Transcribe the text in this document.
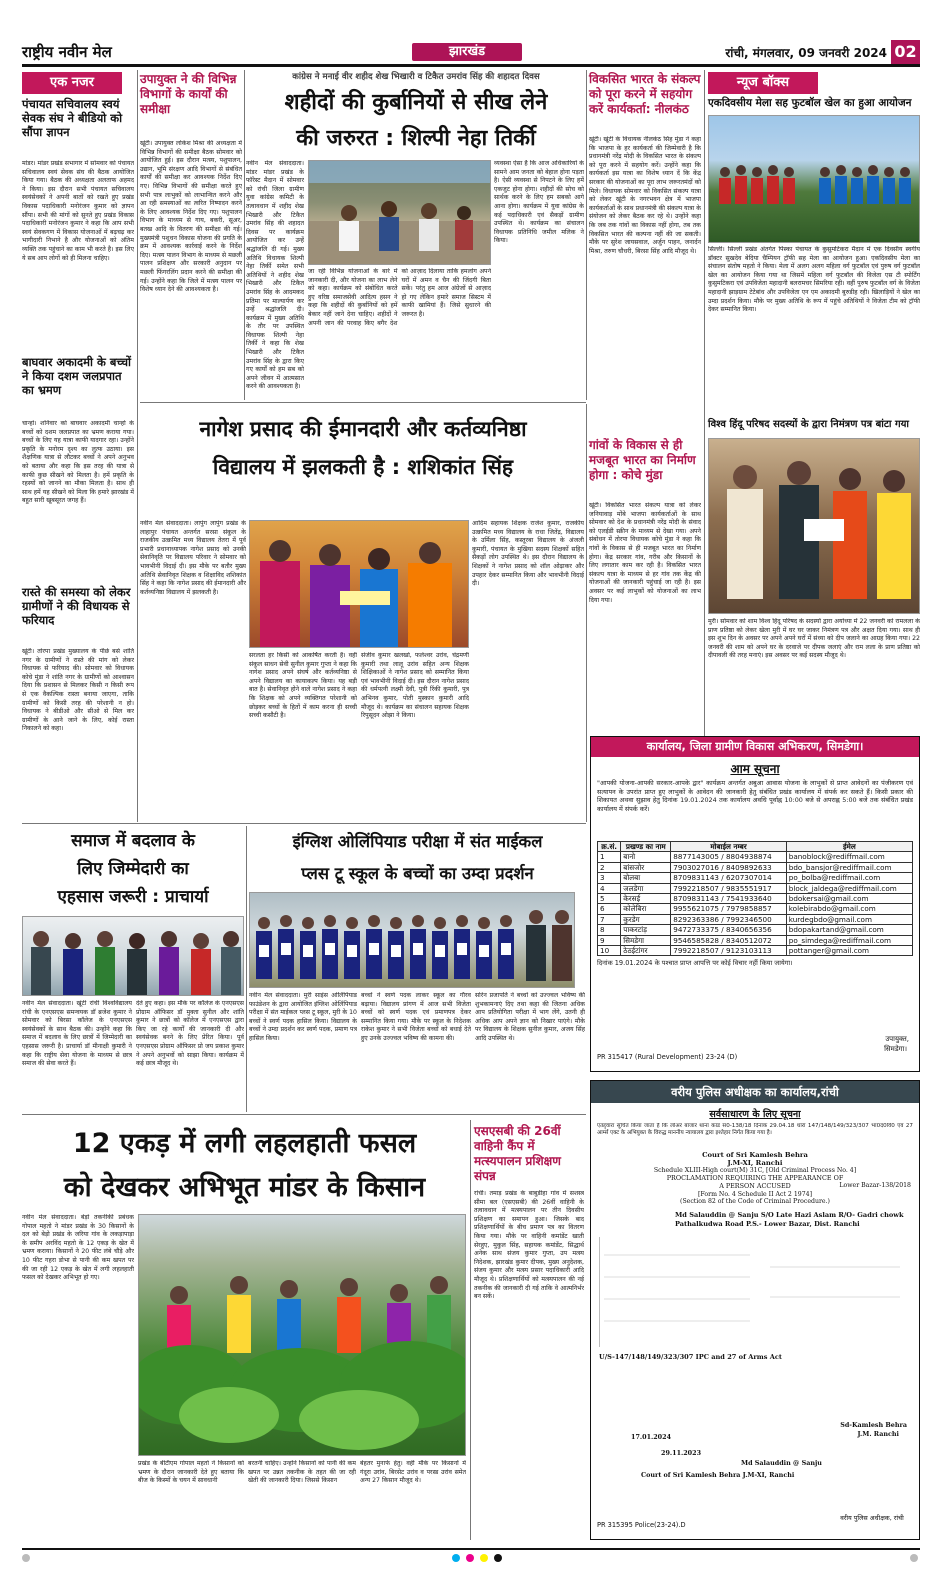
राष्ट्रीय नवीन मेल	झारखंड	रांची, मंगलवार, 09 जनवरी 2024 02
एक नजर
पंचायत सचिवालय स्वयं सेवक संघ ने बीडियो को सौंपा ज्ञापन
मांडर। मांडर प्रखंड सभागार में सोमवार को पंचायत सचिवालय स्वयं सेवक संघ की बैठक आयोजित किया गया। बैठक की अध्यक्षता अलताफ अहमद ने किया। इस दौरान सभी पंचायत सचिवालय स्वयंसेवकों ने अपनी बातों को रखते हुए प्रखंड विकास पदाधिकारी मनोरंजन कुमार को ज्ञापन सौंपा। सभी की मांगों को सुनते हुए प्रखंड विकास पदाधिकारी मनोरंजन कुमार ने कहा कि आप सभी स्वयं सेवकगण में विकास योजनाओं में बढ़चढ़ कर भागीदारी निभाने है और योजनाओं को अंतिम व्यक्ति तक पहुंचाने का काम भी करते है। इस लिए ये सब आप लोगों को ही मिलना चाहिए।
बाघवार अकादमी के बच्चों ने किया दशम जलप्रपात का भ्रमण
चान्हो। शनिवार को बाघवार अकादमी चान्हो के बच्चों को दशम जलप्रपात का भ्रमण कराया गया। बच्चों के लिए यह यात्रा काफी यादगार रहा। उन्होंने प्रकृति के मनोरम दृश्य का लुत्फ उठाया। इस शैक्षणिक यात्रा से लौटकर बच्चों ने अपने अनुभव को बताया और कहा कि इस तरह की यात्रा से काफी कुछ सीखने को मिलता है। हमें प्रकृति के रहस्यों को जानने का मौका मिलता है। साथ ही साथ हमें यह सीखने को मिला कि हमारे झारखंड में बहुत सारी खूबसूरत जगह हैं।
रास्ते की समस्या को लेकर ग्रामीणों ने की विधायक से फरियाद
खूंटी। तोरपा प्रखंड मुख्यालय के पीछे बसे शांति नगर के ग्रामीणों ने रास्ते की मांग को लेकर विधायक से फरियाद की। सोमवार को विधायक कोचे मुंडा ने शांति नगर के ग्रामीणों को आश्वासन दिया कि प्रशासन से मिलकर किसी न किसी रूप से एक वैकल्पिक रास्ता बनाया जाएगा, ताकि ग्रामीणों को किसी तरह की परेशानी न हो। विधायक ने बीडीओ और सीओ से मिल कर ग्रामीणों के आने जाने के लिए, कोई रास्ता निकालने को कहा।
उपायुक्त ने की विभिन्न विभागों के कार्यों की समीक्षा
खूंटी। उपायुक्त लोकेश मिश्रा की अध्यक्षता में विभिन्न विभागों की समीक्षा बैठक सोमवार को आयोजित हुई। इस दौरान मत्स्य, पशुपालन, उद्यान, भूमि संरक्षण आदि विभागों से संबंधित कार्यों की समीक्षा कर आवश्यक निर्देश दिए गए। विभिन्न विभागों की समीक्षा करते हुए सभी पात्र लाभुकों को लाभान्वित करने और आ रही समस्याओं का त्वरित निष्पादन करने के लिए आवश्यक निर्देश दिए गए। पशुपालन विभाग के माध्यम से गाय, बकरी, सूअर, बतख आदि के वितरण की समीक्षा की गई। मुख्यमंत्री पशुधन विकास योजना की प्रगति के क्रम में आवश्यक कार्रवाई करने के निर्देश दिए। मत्स्य पालन विभाग के माध्यम से मछली पालन प्रशिक्षण और सरकारी अनुदान पर मछली फिंगरलिंग प्रदान करने की समीक्षा की गई। उन्होंने कहा कि जिले में मत्स्य पालन पर विशेष ध्यान देने की आवश्यकता है।
कांग्रेस ने मनाई वीर शहीद शेख भिखारी व टिकैत उमरांव सिंह की शहादत दिवस
शहीदों की कुर्बानियों से सीख लेने
की जरुरत : शिल्पी नेहा तिर्की
नवीन मेल संवाददाता। मांडर मांडर प्रखंड के फॉरेस्ट मैदान में सोमवार को रांची जिला ग्रामीण युवा कांग्रेस कमिटी के तत्वावधान में शहीद शेख भिखारी और टिकैत उमरांव सिंह की शहादत दिवस पर कार्यक्रम आयोजित कर उन्हें श्रद्धांजलि दी गई। मुख्य अतिथि विधायक शिल्पी नेहा तिर्की समेत सभी अतिथियों ने शहीद शेख भिखारी और टिकैत उमरांव सिंह के आदमकद प्रतिमा पर माल्यार्पण कर उन्हें श्रद्धांजलि दी। कार्यक्रम में मुख्य अतिथि के तौर पर उपस्थित विधायक शिल्पी नेहा तिर्की ने कहा कि शेख भिखारी और टिकैत उमरांव सिंह के द्वारा किए गए कार्यों को हम सब को अपने जीवन में आत्मसात करने की आवश्यकता है।
जा रही विभिन्न योजनाओं के बारे में जानकारी दी, और योजना का लाभ लेने को कहा। कार्यक्रम को संबोधित करते हुए वरिष्ठ समाजसेवी आदित्य हसन ने कहा कि शहीदों की कुर्बानियों को हमें बेकार नहीं जाने देना चाहिए। शहीदों ने अपनी जान की परवाह किए बगैर देश को आज़ाद दिलाया ताकि हमलोग अपने घरों में अमन व चैन की जिंदगी बिता सकें। परंतु हम आज अंग्रेजों से आज़ाद हो गए लेकिन हमारे समाज सिस्टम में काफी खामियां हैं। जिसे सुधारने की जरूरत है।
व्यवस्था ऐसा है कि आज अधिकारियों के सामने आम जनता को बेहाल होना पड़ता है। ऐसी व्यवस्था से निपटने के लिए हमें एकजुट होना होगा। शहीदों की सोच को सार्थक करने के लिए हम सबको आगे आना होगा। कार्यक्रम में युवा कांग्रेस के कई पदाधिकारी एवं सैकड़ों ग्रामीण उपस्थित थे। कार्यक्रम का संचालन विधायक प्रतिनिधि जमील मलिक ने किया।
विकसित भारत के संकल्प को पूरा करने में सहयोग करें कार्यकर्ता: नीलकंठ
खूंटी। खूंटी के विधायक नीलकंठ सिंह मुंडा ने कहा कि भाजपा के हर कार्यकर्ता की जिम्मेवारी है कि प्रधानमंत्री नरेंद्र मोदी के विकसित भारत के संकल्प को पूरा करने में सहयोग करें। उन्होंने कहा कि कार्यकर्ता इस यात्रा का विशेष ध्यान दें कि केंद्र सरकार की योजनाओं का पूरा लाभ जरूरतमंदों को मिले। विधायक सोमवार को विकसित संकल्प यात्रा को लेकर खूंटी के नगरभवन क्षेत्र में भाजपा कार्यकर्ताओं के साथ प्रधानमंत्री की संकल्प यात्रा के संयोजन को लेकर बैठक कर रहे थे। उन्होंने कहा कि जब तक गांवों का विकास नहीं होगा, तब तक विकसित भारत की कल्पना नहीं की जा सकती। मौके पर सुरेश जायसवाल, अर्जुन पाहन, जनार्दन मिश्रा, तरुण चौधरी, बिरसा सिंह आदि मौजूद थे।
गांवों के विकास से ही मजबूत भारत का निर्माण होगा : कोचे मुंडा
खूंटी। विकसित भारत संकल्प यात्रा को लेकर जनियावाड़ मोंबे भाजपा कार्यकर्ताओं के साथ सोमवार को देश के प्रधानमंत्री नरेंद्र मोदी के संवाद को एलईडी स्क्रीन के माध्यम से देखा गया। अपने संबोधन में तोरपा विधायक कोचे मुंडा ने कहा कि गांवों के विकास से ही मजबूत भारत का निर्माण होगा। केंद्र सरकार गांव, गरीब और किसानों के लिए लगातार काम कर रही है। विकसित भारत संकल्प यात्रा के माध्यम से हर गांव तक केंद्र की योजनाओं की जानकारी पहुंचाई जा रही है। इस अवसर पर कई लाभुकों को योजनाओं का लाभ दिया गया।
न्यूज बॉक्स
एकदिवसीय मेला सह फुटबॉल खेल का हुआ आयोजन
सिल्ली। सिल्ली प्रखंड अंतर्गत पिस्का पंचायत के कुसुमटिकरा मैदान में एक दिवसीय स्वर्गीय डॉक्टर सुखदेव बेदिया चैम्पियन ट्रॉफी सह मेला का आयोजन हुआ। एकदिवसीय मेला का संचालन संतोष महतो ने किया। मेला में अलग अलग महिला वर्ग फुटबॉल एवं पुरुष वर्ग फुटबॉल खेल का आयोजन किया गया था जिसमें महिला वर्ग फुटबॉल की विजेता एस टी स्पोर्टिंग कुसुमटिकरा एवं उपविजेता महादानी बलरामचर सिमरिया रही। वहीं पुरुष फुटबॉल वर्ग के विजेता महादानी झाड़ग्राम टेटेबांध और उपविजेता एन एम अकादमी बुरुडीह रही। खिलाड़ियों ने खेल का उम्दा प्रदर्शन किया। मौके पर मुख्य अतिथि के रूप में पहुंचे अतिथियों ने विजेता टीम को ट्रॉफी देकर सम्मानित किया।
विश्व हिंदू परिषद सदस्यों के द्वारा निमंत्रण पत्र बांटा गया
मुरी। सोमवार को शाम विश्व हिंदू परिषद के सदस्यों द्वारा अयोध्या में 22 जनवरी को रामलला के प्राण प्रतिष्ठा को लेकर खेला मुरी में घर घर जाकर निमंत्रण पत्र और अक्षत दिया गया। साथ ही इस शुभ दिन के अवसर पर अपने अपने घरों में संध्या को दीप जलाने का आग्रह किया गया। 22 जनवरी की शाम को अपने घर के दरवाजे पर दीपक जलाएं और राम लला के प्राण प्रतिष्ठा को दीपावली की तरह मनाएं। इस अवसर पर कई सदस्य मौजूद थे।
नागेश प्रसाद की ईमानदारी और कर्तव्यनिष्ठा
विद्यालय में झलकती है : शशिकांत सिंह
नवीन मेल संवाददाता। लापुंग लापुंग प्रखंड के लाहापुर पंचायत अन्तर्गत सरसा संकुल के राजकीय उत्क्रमित मध्य विद्यालय तेतरा में पूर्व प्रभारी प्रधानाध्यापक नागेश प्रसाद को उनकी सेवानिवृति पर विद्यालय परिवार ने सोमवार को भावभीनी विदाई दी। इस मौके पर बतौर मुख्य अतिथि सेवानिवृत शिक्षक व शिक्षाविद शशिकांत सिंह ने कहा कि नागेश प्रसाद की ईमानदारी और कर्तव्यनिष्ठा विद्यालय में झलकती है।
सरलता हर किसी को आकर्षित करती है। वहीं संकुल साधन सेवी सुनील कुमार गुप्ता ने कहा कि नागेश प्रसाद अपने संघर्ष और कर्तव्यनिष्ठा से अपने विद्यालय का कायाकल्प किया। यह बड़ी बात है। सेवानिवृत होने वाले नागेश प्रसाद ने कहा कि शिक्षक को अपने व्यक्तिगत परेशानी को छोड़कर बच्चों के हितों में काम करना ही सच्ची सच्ची कसौटी है।
संजीव कुमार खलखो, फलेश्वर उरांव, चंद्रमणी कुमारी तथा लालू उरांव सहित अन्य शिक्षक शिक्षिकाओं ने नागेश प्रसाद को सम्मानित किया एवं भावभीनी विदाई दी। इस दौरान नागेश प्रसाद की धर्मपत्नी लक्ष्मी देवी, पुत्री रिंकी कुमारी, पुत्र अभिनव कुमार, पोती मुस्कान कुमारी आदि मौजूद थे। कार्यक्रम का संचालन सहायक शिक्षक रिपुसूदन ओझा ने किया।
आदिम सहायक शिक्षक राजेश कुमार, राजकीय उत्क्रमित मध्य विद्यालय के राधा जितेंद्र, विद्यालय के उर्मिला सिंह, कस्तूरबा विद्यालय के अंजली कुमारी, पंचायत के मुखिया सदस्य शिक्षकों सहित सैकड़ों लोग उपस्थित थे। इस दौरान विद्यालय के शिक्षकों ने नागेश प्रसाद को शॉल ओढ़ाकर और उपहार देकर सम्मानित किया और भावभीनी विदाई दी।
समाज में बदलाव के
लिए जिम्मेदारी का
एहसास जरूरी : प्राचार्या
नवीन मेल संवाददाता। खूंटी रांची विश्वविद्यालय रांची के एनएसएस समन्वयक डॉ ब्रजेश कुमार ने सोमवार को बिरसा कॉलेज के एनएसएस स्वयंसेवकों के साथ बैठक की। उन्होंने कहा कि समाज में बदलाव के लिए छात्रों में जिम्मेदारी का एहसास जरूरी है। प्राचार्या डॉ मीनाक्षी कुमारी ने कहा कि राष्ट्रीय सेवा योजना के माध्यम से छात्र समाज की सेवा करते हैं।
देते हुए कहा। इस मौके पर कॉलेज के एनएसएस प्रोग्राम ऑफिसर डॉ मुक्ता सुनील और शांति कुमार ने छात्रों को कॉलेज में एनएसएस द्वारा किए जा रहे कार्यों की जानकारी दी और स्वयंसेवक बनने के लिए प्रेरित किया। पूर्व एनएसएस प्रोग्राम ऑफिसर प्रो जय प्रकाश कुमार ने अपने अनुभवों को साझा किया। कार्यक्रम में कई छात्र मौजूद थे।
इंग्लिश ओलिंपियाड परीक्षा में संत माईकल
प्लस टू स्कूल के बच्चों का उम्दा प्रदर्शन
नवीन मेल संवाददाता। मुरी साइंस ओलिंपियाड फाउंडेशन के द्वारा आयोजित इंग्लिश ओलिंपियाड परीक्षा में संत माईकल प्लस टू स्कूल, मुरी के 10 बच्चों ने स्वर्ण पदक हासिल किया। विद्यालय के बच्चों ने उम्दा प्रदर्शन कर स्वर्ण पदक, प्रमाण पत्र हासिल किया।
बच्चों ने स्वर्ण पदक लाकर स्कूल का गौरव बढ़ाया। विद्यालय प्रांगण में आज सभी विजेता बच्चों को स्वर्ण पदक एवं प्रमाणपत्र देकर सम्मानित किया गया। मौके पर स्कूल के निदेशक राकेश कुमार ने सभी विजेता बच्चों को बधाई देते हुए उनके उज्ज्वल भविष्य की कामना की।
सोरेन प्रजापति ने बच्चों को उज्ज्वल भविष्य की शुभकामनाएं दिए तथा कहा की जितना अधिक आप प्रतियोगिता परीक्षा में भाग लेंगे, उतनी ही अधिक आप अपने ज्ञान को निखार पाएंगे। मौके पर विद्यालय के शिक्षक सुनील कुमार, अजय सिंह आदि उपस्थित थे।
कार्यालय, जिला ग्रामीण विकास अभिकरण, सिमडेगा।
आम सूचना
"आपकी योजना-आपकी सरकार-आपके द्वार" कार्यक्रम अन्तर्गत अबुआ आवास योजना के लाभुकों से प्राप्त आवेदनों का पंजीकरण एवं सत्यापन के उपरांत प्राप्त हुए लाभुकों के आवेदन की जानकारी हेतु संबंधित प्रखंड कार्यालय में संपर्क कर सकते हैं। किसी प्रकार की शिकायत अथवा सुझाव हेतु दिनांक 19.01.2024 तक कार्यालय अवधि पूर्वाह्न 10:00 बजे से अपराह्न 5:00 बजे तक संबंधित प्रखंड कार्यालय में संपर्क करें।
क्र.सं.	प्रखण्ड का नाम	मोबाईल नम्बर	ईमेल
1	बानो	8877143005 / 8804938874	banoblock@rediffmail.com
2	बांसजोर	7903027016 / 8409892633	bdo_bansjor@rediffmail.com
3	बोलबा	8709831143 / 6207307014	po_bolba@rediffmail.com
4	जलडेगा	7992218507 / 9835551917	block_jaldega@rediffmail.com
5	केरसई	8709831143 / 7541933640	bdokersai@gmail.com
6	कोलेबिरा	9955621075 / 7979858857	kolebirabdo@gmail.com
7	कुरडेग	8292363386 / 7992346500	kurdegbdo@gmail.com
8	पाकरटांड़	9472733375 / 8340656356	bdopakartand@gmail.com
9	सिमडेगा	9546585828 / 8340512072	po_simdega@rediffmail.com
10	ठेठईटांगर	7992218507 / 9123103113	pottanger@gmail.com
दिनांक 19.01.2024 के पश्चात प्राप्त आपत्ति पर कोई विचार नहीं किया जायेगा।
उपायुक्त,
सिमडेगा।
PR 315417 (Rural Development) 23-24 (D)
वरीय पुलिस अधीक्षक का कार्यालय,रांची
सर्वसाधारण के लिए सूचना
एतद्द्वारा सूचित किया जाता है कि लोअर बाजार थाना कांड सं0-138/18 दिनांक 29.04.18 धारा 147/148/149/323/307 भा0द0वि0 एवं 27 आर्म्स एक्ट के अभियुक्त के विरुद्ध माननीय न्यायालय द्वारा इश्तेहार निर्गत किया गया है।
Court of Sri Kamlesh Behra
J.M-XI, Ranchi
Schedule XLIII-High court(M) 31C, [Old Criminal Process No. 4]
PROCLAMATION REQUIRING THE APPEARANCE OF
A PERSON ACCUSED	Lower Bazar-138/2018
[Form No. 4 Schedule II Act 2 1974]
(Section 82 of the Code of Criminal Procedure.)
Md Salauddin @ Sanju S/O Late Hazi Aslam R/O- Gadri chowk Pathalkudwa Road P.S.- Lower Bazar, Dist. Ranchi
U/S-147/148/149/323/307 IPC and 27 of Arms Act
Sd-Kamlesh Behra
J.M. Ranchi
17.01.2024
29.11.2023
Md Salauddin @ Sanju
Court of Sri Kamlesh Behra J.M-XI, Ranchi
PR 315395 Police(23-24).D
वरीय पुलिस अधीक्षक, रांची
12 एकड़ में लगी लहलहाती फसल
को देखकर अभिभूत मांडर के किसान
नवीन मेल संवाददाता। बेड़ो तकनीकी प्रबंधक गोपाल महतो ने मांडर प्रखंड के 30 किसानों के दल को बेड़ो प्रखंड के जरिया गांव के लकड़ापाड़ा के समीप अरविंद महतो के 12 एकड़ के खेत में भ्रमण कराया। किसानों ने 20 फीट लंबे चौड़े और 10 फीट गहरा डोभा से पानी की कम खपत पर की जा रही 12 एकड़ के खेत में लगी लहलहाती फसल को देखकर अभिभूत हो गए।
प्रखंड के बीटीएम गोपाल महतो ने किसानों को भ्रमण के दौरान जानकारी देते हुए बताया कि बीज के किस्मों के चयन में सावधानी
बरतनी चाहिए। उन्होंने किसानों को पानी की कम खपत पर उन्नत तकनीक के तहत की जा रही खेती की जानकारी दिया। जिससे किसान
बेहतर मुनाफे हेतु। वहीं मौके पर किसानों में गंदूरा उरांव, बिरसेट उरांव व परस्ड उरांव समेत अन्य 27 किसान मौजूद थे।
एसएसबी की 26वीं वाहिनी कैंप में मत्स्यपालन प्रशिक्षण संपन्न
रांची। तमाड़ प्रखंड के बाबुडीहा गांव में सशस्त्र सीमा बल (एसएसबी) की 26वीं वाहिनी के तत्वावधान में मत्स्यपालन पर तीन दिवसीय प्रशिक्षण का समापन हुआ। जिसके बाद प्रशिक्षणार्थियों के बीच प्रमाण पत्र का वितरण किया गया। मौके पर वाहिनी कमांडेंट खाती सेरहुए, मुकुल सिंह, सहायक कमांडेंट, सिद्धार्थ अनेक साथ संजय कुमार गुप्ता, उप मत्स्य निदेशक, झारखंड कुमार दीपक, मुख्य अनुदेशक, संजय कुमार और मत्स्य प्रसार पदाधिकारी आदि मौजूद थे। प्रशिक्षणार्थियों को मत्स्यपालन की नई तकनीक की जानकारी दी गई ताकि वे आत्मनिर्भर बन सकें।
